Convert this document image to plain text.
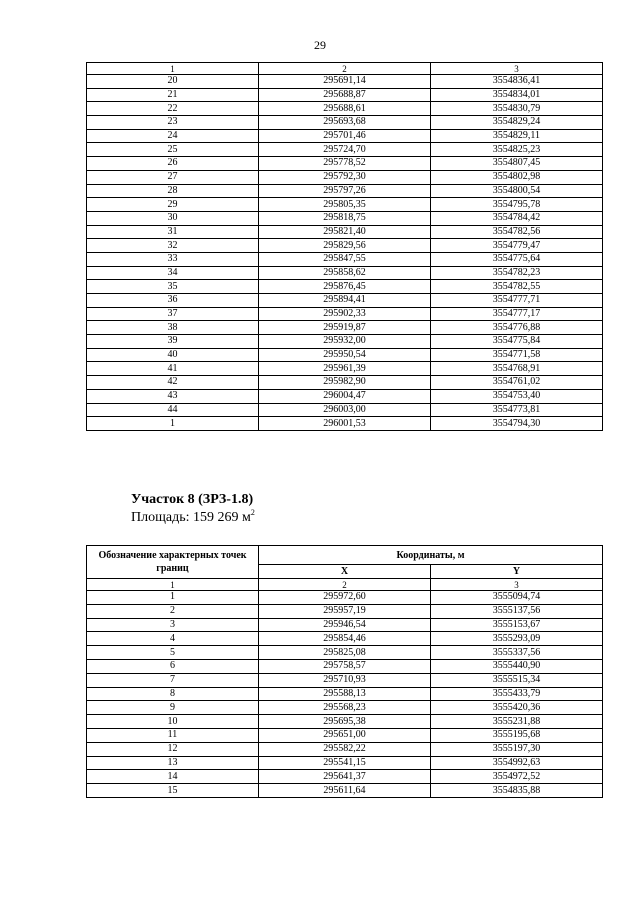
29
1	2	3
20	295691,14	3554836,41
21	295688,87	3554834,01
22	295688,61	3554830,79
23	295693,68	3554829,24
24	295701,46	3554829,11
25	295724,70	3554825,23
26	295778,52	3554807,45
27	295792,30	3554802,98
28	295797,26	3554800,54
29	295805,35	3554795,78
30	295818,75	3554784,42
31	295821,40	3554782,56
32	295829,56	3554779,47
33	295847,55	3554775,64
34	295858,62	3554782,23
35	295876,45	3554782,55
36	295894,41	3554777,71
37	295902,33	3554777,17
38	295919,87	3554776,88
39	295932,00	3554775,84
40	295950,54	3554771,58
41	295961,39	3554768,91
42	295982,90	3554761,02
43	296004,47	3554753,40
44	296003,00	3554773,81
1	296001,53	3554794,30
Участок 8 (ЗРЗ-1.8)
Площадь: 159 269 $м^2$
Обозначение характерных точек границ	Координаты, м	
	X	Y
1	2	3
1	295972,60	3555094,74
2	295957,19	3555137,56
3	295946,54	3555153,67
4	295854,46	3555293,09
5	295825,08	3555337,56
6	295758,57	3555440,90
7	295710,93	3555515,34
8	295588,13	3555433,79
9	295568,23	3555420,36
10	295695,38	3555231,88
11	295651,00	3555195,68
12	295582,22	3555197,30
13	295541,15	3554992,63
14	295641,37	3554972,52
15	295611,64	3554835,88
